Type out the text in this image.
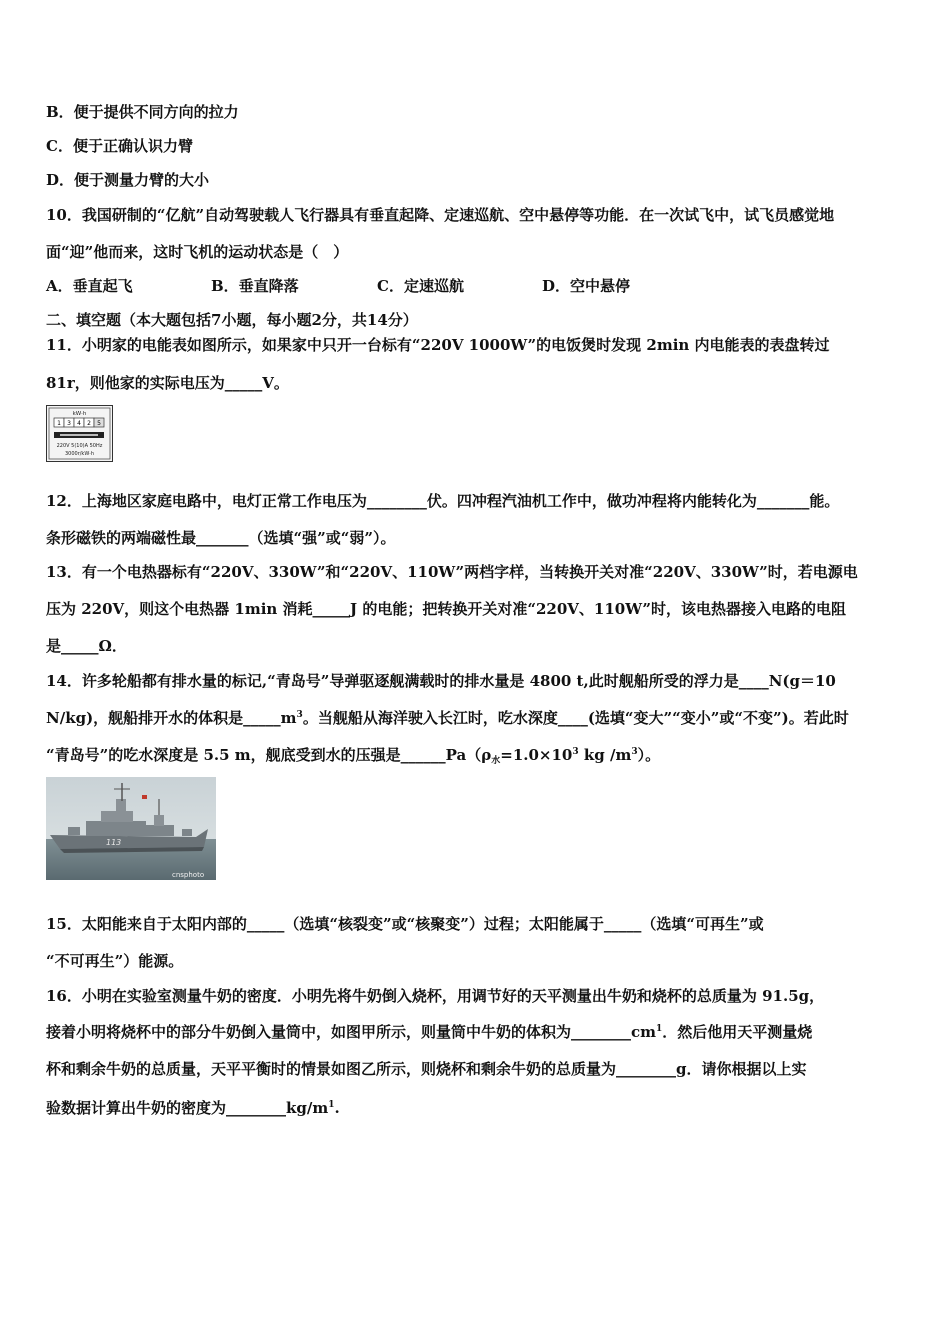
B．便于提供不同方向的拉力
C．便于正确认识力臂
D．便于测量力臂的大小
10．我国研制的“亿航”自动驾驶载人飞行器具有垂直起降、定速巡航、空中悬停等功能．在一次试飞中，试飞员感觉地
面“迎”他而来，这时飞机的运动状态是（　）
A．垂直起飞	B．垂直降落	C．定速巡航	D．空中悬停
二、填空题（本大题包括7小题，每小题2分，共14分）
11．小明家的电能表如图所示，如果家中只开一台标有“220V 1000W”的电饭煲时发现 2min 内电能表的表盘转过
81r，则他家的实际电压为_____V。
kW·h
1 3 4 2 5
220V 5(10)A 50Hz
3000r/kW·h
12．上海地区家庭电路中，电灯正常工作电压为________伏。四冲程汽油机工作中，做功冲程将内能转化为_______能。
条形磁铁的两端磁性最_______（选填“强”或“弱”）。
13．有一个电热器标有“220V、330W”和“220V、110W”两档字样，当转换开关对准“220V、330W”时，若电源电
压为 220V，则这个电热器 1min 消耗_____J 的电能；把转换开关对准“220V、110W”时，该电热器接入电路的电阻
是_____Ω．
14．许多轮船都有排水量的标记,“青岛号”导弹驱逐舰满载时的排水量是 4800 t,此时舰船所受的浮力是____N(g＝10
N/kg)，舰船排开水的体积是$\_\_\_\_\_m^3$。当舰船从海洋驶入长江时，吃水深度____(选填“变大”“变小”或“不变”)。若此时
“青岛号”的吃水深度是 5.5 m，舰底受到水的压强是$\_\_\_\_\_\_Pa(\rho_水=1.0\times 10^3$ kg $/m^3$）。
113
cnsphoto
15．太阳能来自于太阳内部的_____（选填“核裂变”或“核聚变”）过程；太阳能属于_____（选填“可再生”或
“不可再生”）能源。
16．小明在实验室测量牛奶的密度．小明先将牛奶倒入烧杯，用调节好的天平测量出牛奶和烧杯的总质量为 91.5g，
接着小明将烧杯中的部分牛奶倒入量筒中，如图甲所示，则量筒中牛奶的体积为$\_\_\_\_\_\_\_\_cm^1$．然后他用天平测量烧
杯和剩余牛奶的总质量，天平平衡时的情景如图乙所示，则烧杯和剩余牛奶的总质量为________g．请你根据以上实
验数据计算出牛奶的密度为$\_\_\_\_\_\_\_\_kg/m^1$.
